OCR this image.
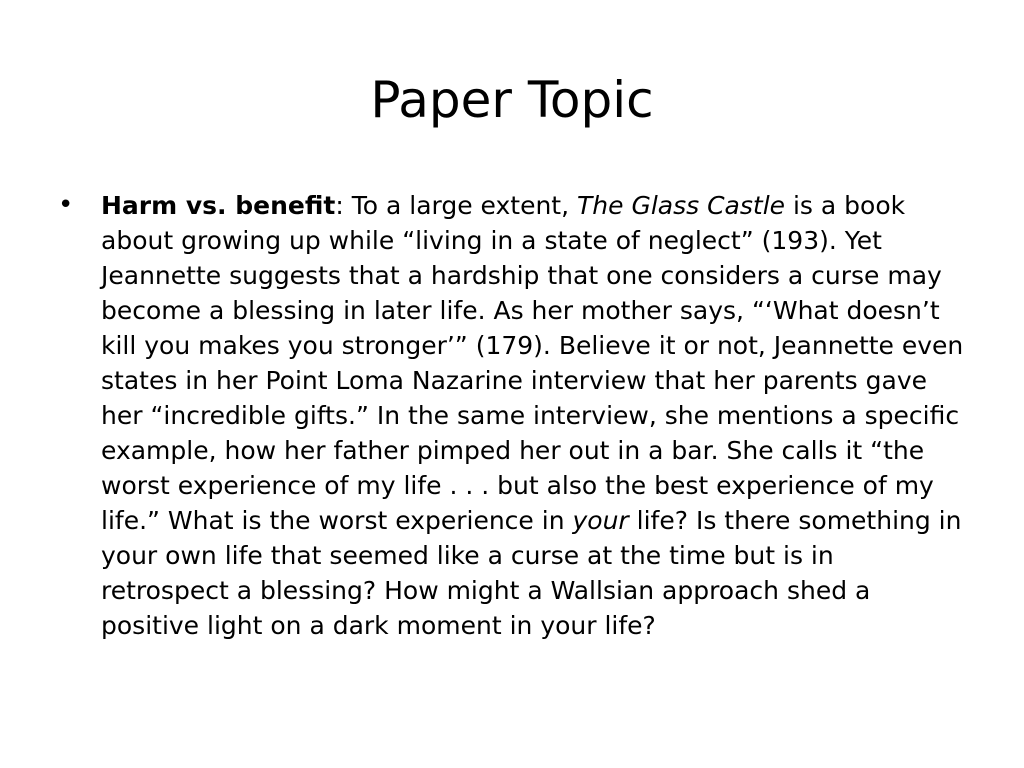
Paper Topic
• Harm vs. benefit: To a large extent, The Glass Castle is a book about growing up while “living in a state of neglect” (193). Yet Jeannette suggests that a hardship that one considers a curse may become a blessing in later life. As her mother says, “‘What doesn’t kill you makes you stronger’” (179). Believe it or not, Jeannette even states in her Point Loma Nazarine interview that her parents gave her “incredible gifts.” In the same interview, she mentions a specific example, how her father pimped her out in a bar. She calls it “the worst experience of my life . . . but also the best experience of my life.” What is the worst experience in your life? Is there something in your own life that seemed like a curse at the time but is in retrospect a blessing? How might a Wallsian approach shed a positive light on a dark moment in your life?
